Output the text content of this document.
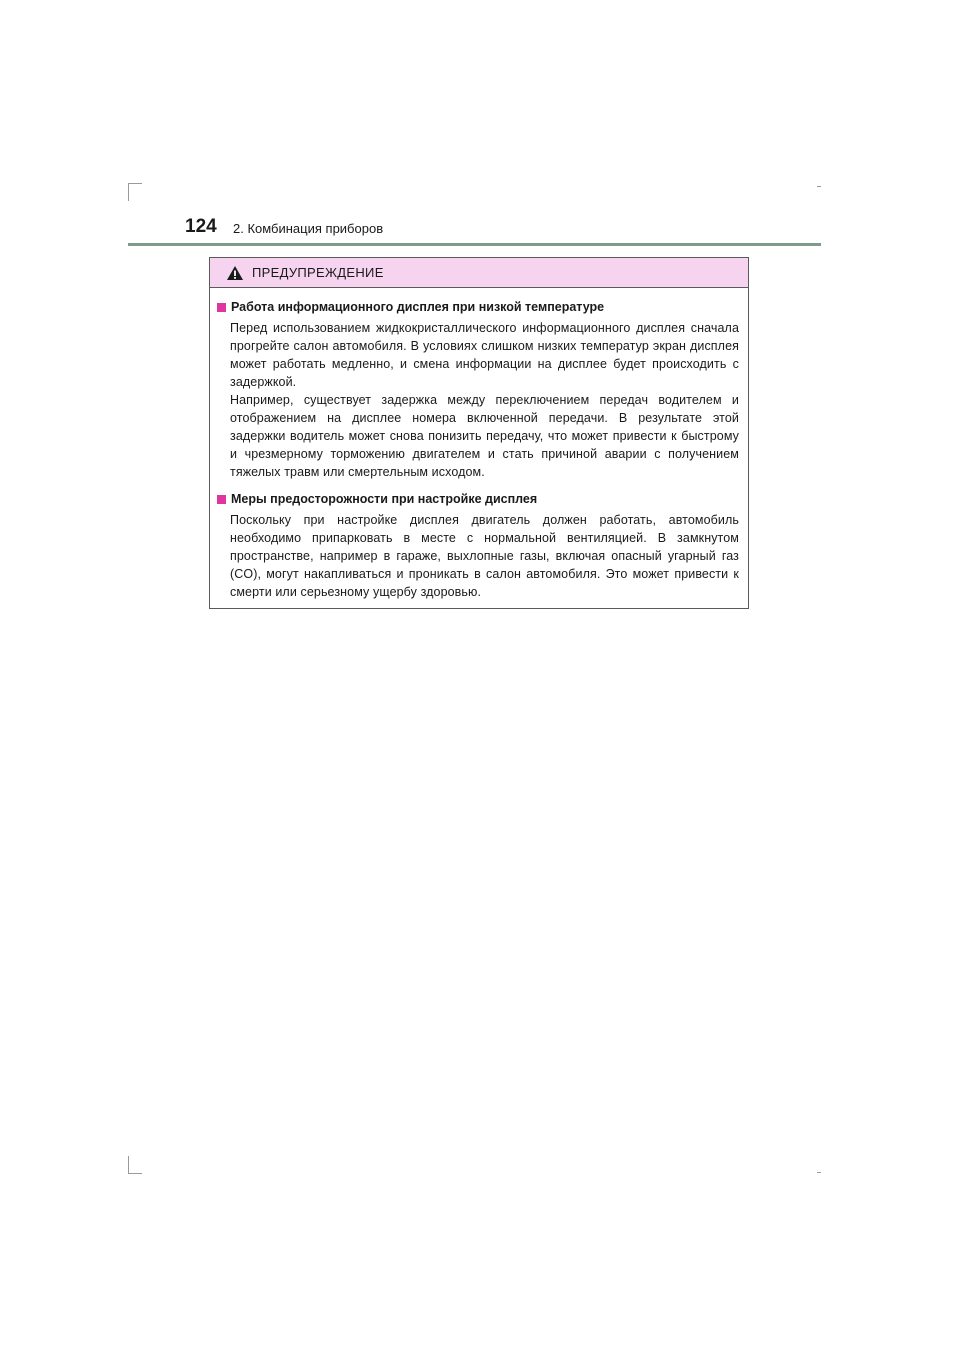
124 2. Комбинация приборов
ПРЕДУПРЕЖДЕНИЕ
Работа информационного дисплея при низкой температуре

Перед использованием жидкокристаллического информационного дисплея сначала прогрейте салон автомобиля. В условиях слишком низких температур экран дисплея может работать медленно, и смена информации на дисплее будет происходить с задержкой.

Например, существует задержка между переключением передач водителем и отображением на дисплее номера включенной передачи. В результате этой задержки водитель может снова понизить передачу, что может привести к быстрому и чрезмерному торможению двигателем и стать причиной аварии с получением тяжелых травм или смертельным исходом.

Меры предосторожности при настройке дисплея

Поскольку при настройке дисплея двигатель должен работать, автомобиль необходимо припарковать в месте с нормальной вентиляцией. В замкнутом пространстве, например в гараже, выхлопные газы, включая опасный угарный газ (CO), могут накапливаться и проникать в салон автомобиля. Это может привести к смерти или серьезному ущербу здоровью.
